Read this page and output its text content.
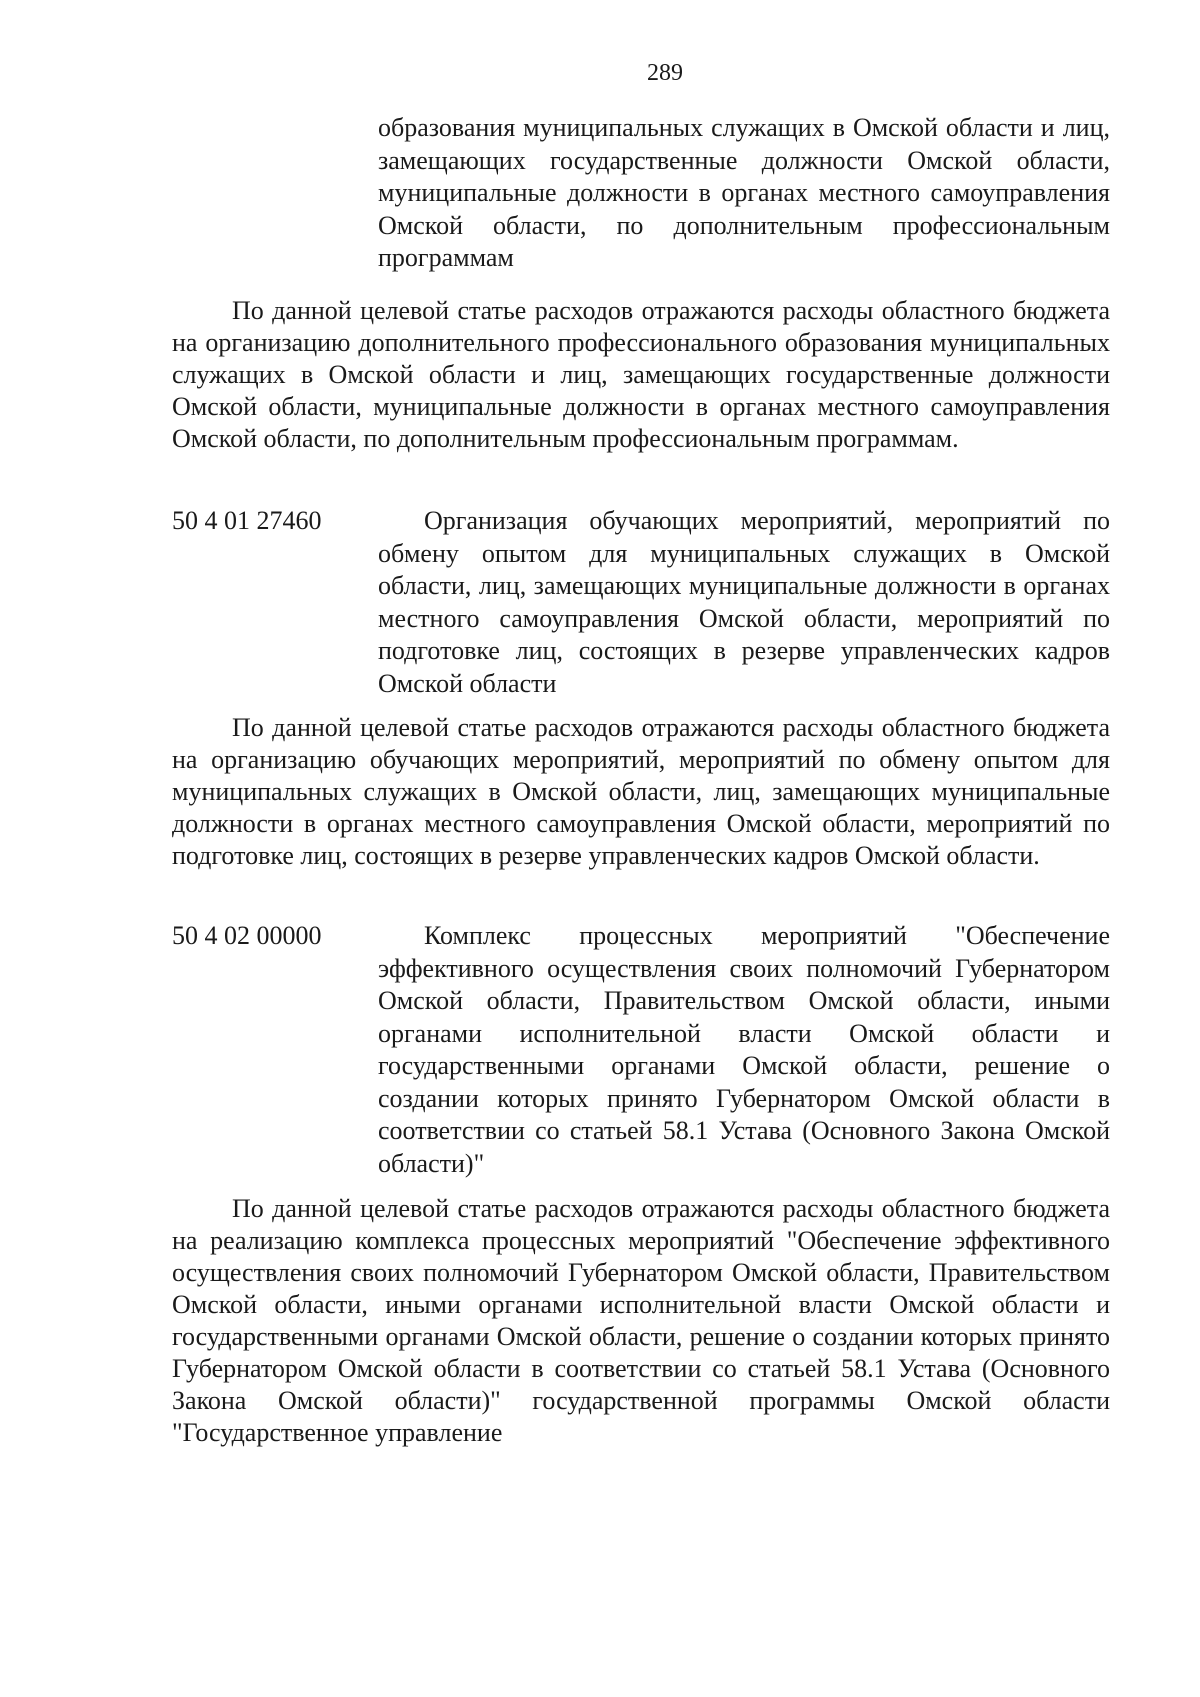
289
образования муниципальных служащих в Омской области и лиц, замещающих государственные должности Омской области, муниципальные должности в органах местного самоуправления Омской области, по дополнительным профессиональным программам
По данной целевой статье расходов отражаются расходы областного бюджета на организацию дополнительного профессионального образования муниципальных служащих в Омской области и лиц, замещающих государственные должности Омской области, муниципальные должности в органах местного самоуправления Омской области, по дополнительным профессиональным программам.
50 4 01 27460	Организация обучающих мероприятий, мероприятий по обмену опытом для муниципальных служащих в Омской области, лиц, замещающих муниципальные должности в органах местного самоуправления Омской области, мероприятий по подготовке лиц, состоящих в резерве управленческих кадров Омской области
По данной целевой статье расходов отражаются расходы областного бюджета на организацию обучающих мероприятий, мероприятий по обмену опытом для муниципальных служащих в Омской области, лиц, замещающих муниципальные должности в органах местного самоуправления Омской области, мероприятий по подготовке лиц, состоящих в резерве управленческих кадров Омской области.
50 4 02 00000	Комплекс процессных мероприятий "Обеспечение эффективного осуществления своих полномочий Губернатором Омской области, Правительством Омской области, иными органами исполнительной власти Омской области и государственными органами Омской области, решение о создании которых принято Губернатором Омской области в соответствии со статьей 58.1 Устава (Основного Закона Омской области)"
По данной целевой статье расходов отражаются расходы областного бюджета на реализацию комплекса процессных мероприятий "Обеспечение эффективного осуществления своих полномочий Губернатором Омской области, Правительством Омской области, иными органами исполнительной власти Омской области и государственными органами Омской области, решение о создании которых принято Губернатором Омской области в соответствии со статьей 58.1 Устава (Основного Закона Омской области)" государственной программы Омской области "Государственное управление
